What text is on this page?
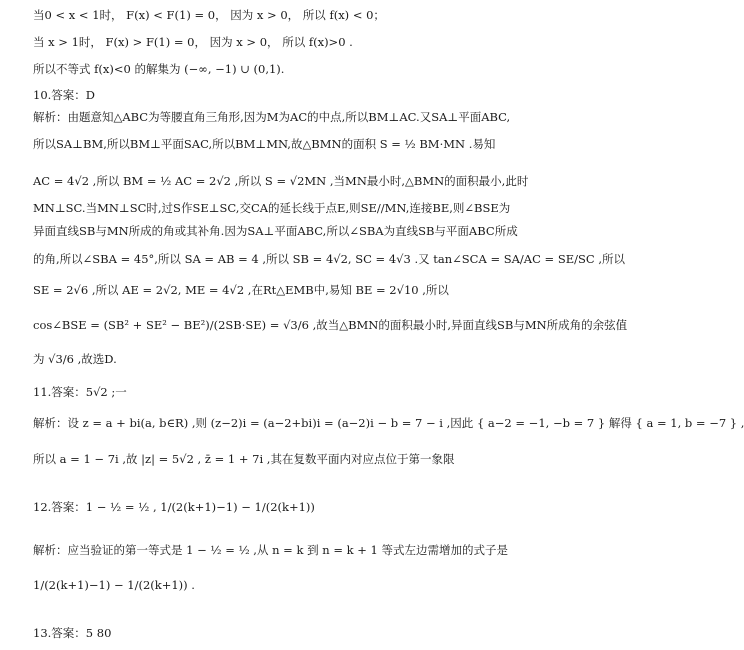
当0 < x < 1时， F(x) < F(1) = 0， 因为 x > 0， 所以 f(x) < 0；
当 x > 1时， F(x) > F(1) = 0， 因为 x > 0， 所以 f(x)>0 .
所以不等式 f(x)<0 的解集为 (−∞, −1) ∪ (0,1).
10.答案：D
解析：由题意知△ABC为等腰直角三角形,因为M为AC的中点,所以BM⊥AC.又SA⊥平面ABC,
所以SA⊥BM,所以BM⊥平面SAC,所以BM⊥MN,故△BMN的面积 S = ½ BM·MN .易知
AC = 4√2 ,所以 BM = ½ AC = 2√2 ,所以 S = √2MN ,当MN最小时,△BMN的面积最小,此时
MN⊥SC.当MN⊥SC时,过S作SE⊥SC,交CA的延长线于点E,则SE//MN,连接BE,则∠BSE为
异面直线SB与MN所成的角或其补角.因为SA⊥平面ABC,所以∠SBA为直线SB与平面ABC所成
的角,所以∠SBA = 45°,所以 SA = AB = 4 ,所以 SB = 4√2, SC = 4√3 .又 tan∠SCA = SA/AC = SE/SC ,所以
SE = 2√6 ,所以 AE = 2√2, ME = 4√2 ,在Rt△EMB中,易知 BE = 2√10 ,所以
cos∠BSE = (SB² + SE² − BE²)/(2SB·SE) = √3/6 ,故当△BMN的面积最小时,异面直线SB与MN所成角的余弦值
为 √3/6 ,故选D.
11.答案：5√2 ;一
解析：设 z = a + bi(a, b∈R) ,则 (z−2)i = (a−2+bi)i = (a−2)i − b = 7 − i ,因此 { a−2 = −1, −b = 7 } 解得 { a = 1, b = −7 } ,
所以 a = 1 − 7i ,故 |z| = 5√2 , z̄ = 1 + 7i ,其在复数平面内对应点位于第一象限
12.答案：1 − ½ = ½ , 1/(2(k+1)−1) − 1/(2(k+1))
解析：应当验证的第一等式是 1 − ½ = ½ ,从 n = k 到 n = k + 1 等式左边需增加的式子是
1/(2(k+1)−1) − 1/(2(k+1)) .
13.答案：5 80
